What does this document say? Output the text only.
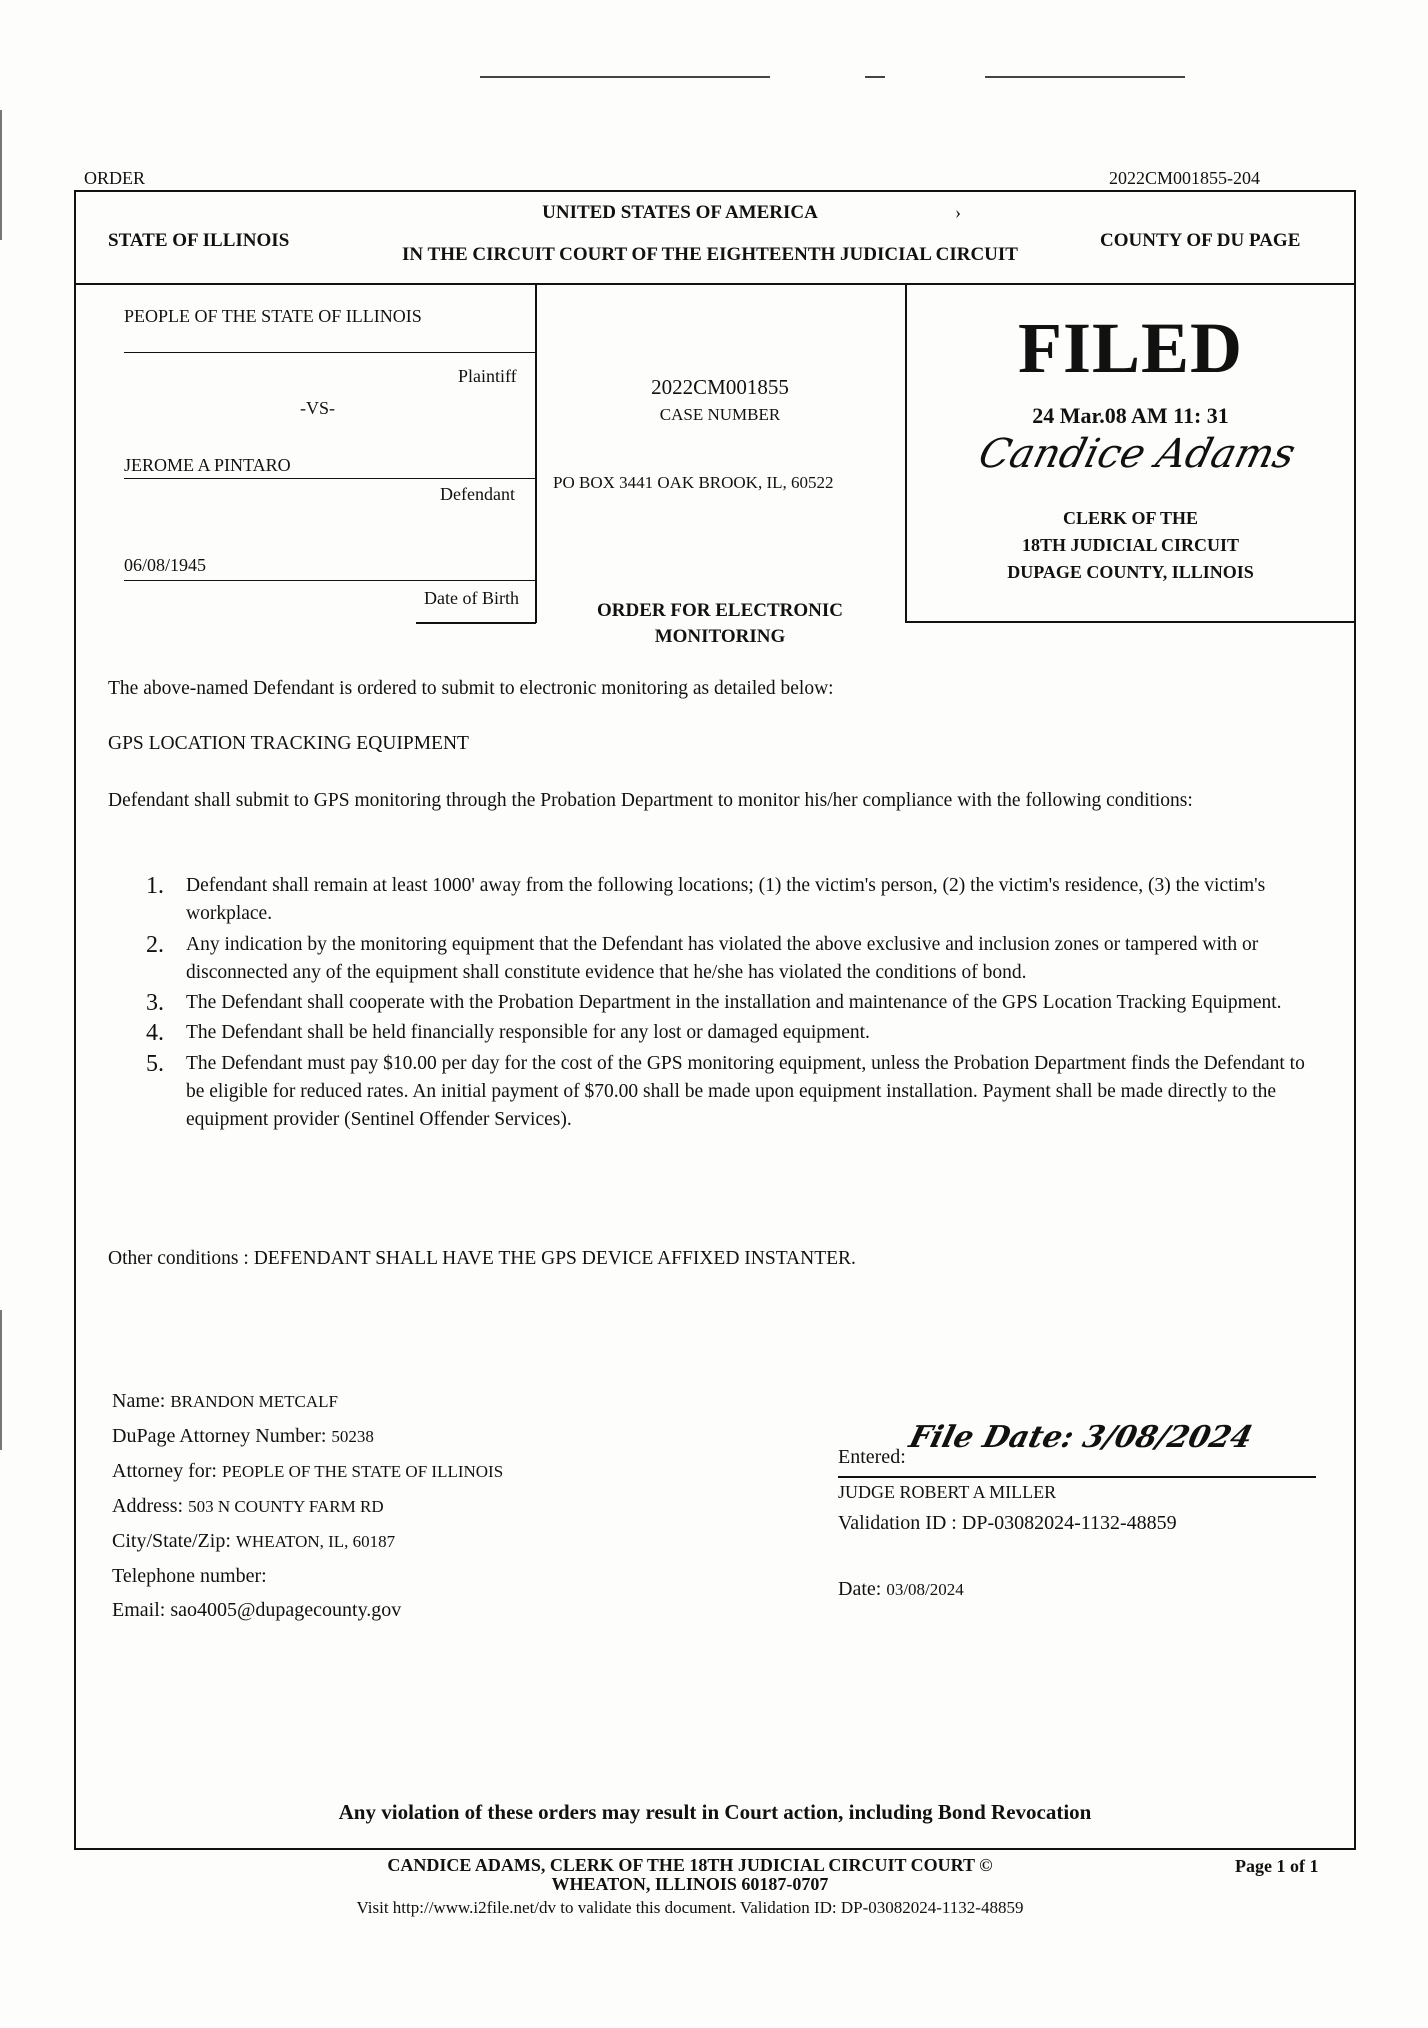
ORDER	2022CM001855-204
UNITED STATES OF AMERICA
STATE OF ILLINOIS
IN THE CIRCUIT COURT OF THE EIGHTEENTH JUDICIAL CIRCUIT
COUNTY OF DU PAGE
›
PEOPLE OF THE STATE OF ILLINOIS
Plaintiff
-VS-
JEROME A PINTARO
Defendant
06/08/1945
Date of Birth
2022CM001855
CASE NUMBER
PO BOX 3441 OAK BROOK, IL, 60522
ORDER FOR ELECTRONIC
MONITORING
FILED
24 Mar.08 AM 11: 31
Candice Adams
CLERK OF THE
18TH JUDICIAL CIRCUIT
DUPAGE COUNTY, ILLINOIS
The above-named Defendant is ordered to submit to electronic monitoring as detailed below:
GPS LOCATION TRACKING EQUIPMENT
Defendant shall submit to GPS monitoring through the Probation Department to monitor his/her compliance with the following conditions:
1. Defendant shall remain at least 1000' away from the following locations; (1) the victim's person, (2) the victim's residence, (3) the victim's workplace.
2. Any indication by the monitoring equipment that the Defendant has violated the above exclusive and inclusion zones or tampered with or disconnected any of the equipment shall constitute evidence that he/she has violated the conditions of bond.
3. The Defendant shall cooperate with the Probation Department in the installation and maintenance of the GPS Location Tracking Equipment.
4. The Defendant shall be held financially responsible for any lost or damaged equipment.
5. The Defendant must pay $10.00 per day for the cost of the GPS monitoring equipment, unless the Probation Department finds the Defendant to be eligible for reduced rates. An initial payment of $70.00 shall be made upon equipment installation. Payment shall be made directly to the equipment provider (Sentinel Offender Services).
Other conditions : DEFENDANT SHALL HAVE THE GPS DEVICE AFFIXED INSTANTER.
Name: BRANDON METCALF
DuPage Attorney Number: 50238
Attorney for: PEOPLE OF THE STATE OF ILLINOIS
Address: 503 N COUNTY FARM RD
City/State/Zip: WHEATON, IL, 60187
Telephone number:
Email: sao4005@dupagecounty.gov
Entered:
File Date: 3/08/2024
JUDGE ROBERT A MILLER
Validation ID : DP-03082024-1132-48859
Date: 03/08/2024
Any violation of these orders may result in Court action, including Bond Revocation
CANDICE ADAMS, CLERK OF THE 18TH JUDICIAL CIRCUIT COURT ©
WHEATON, ILLINOIS 60187-0707
Page 1 of 1
Visit http://www.i2file.net/dv to validate this document. Validation ID: DP-03082024-1132-48859
